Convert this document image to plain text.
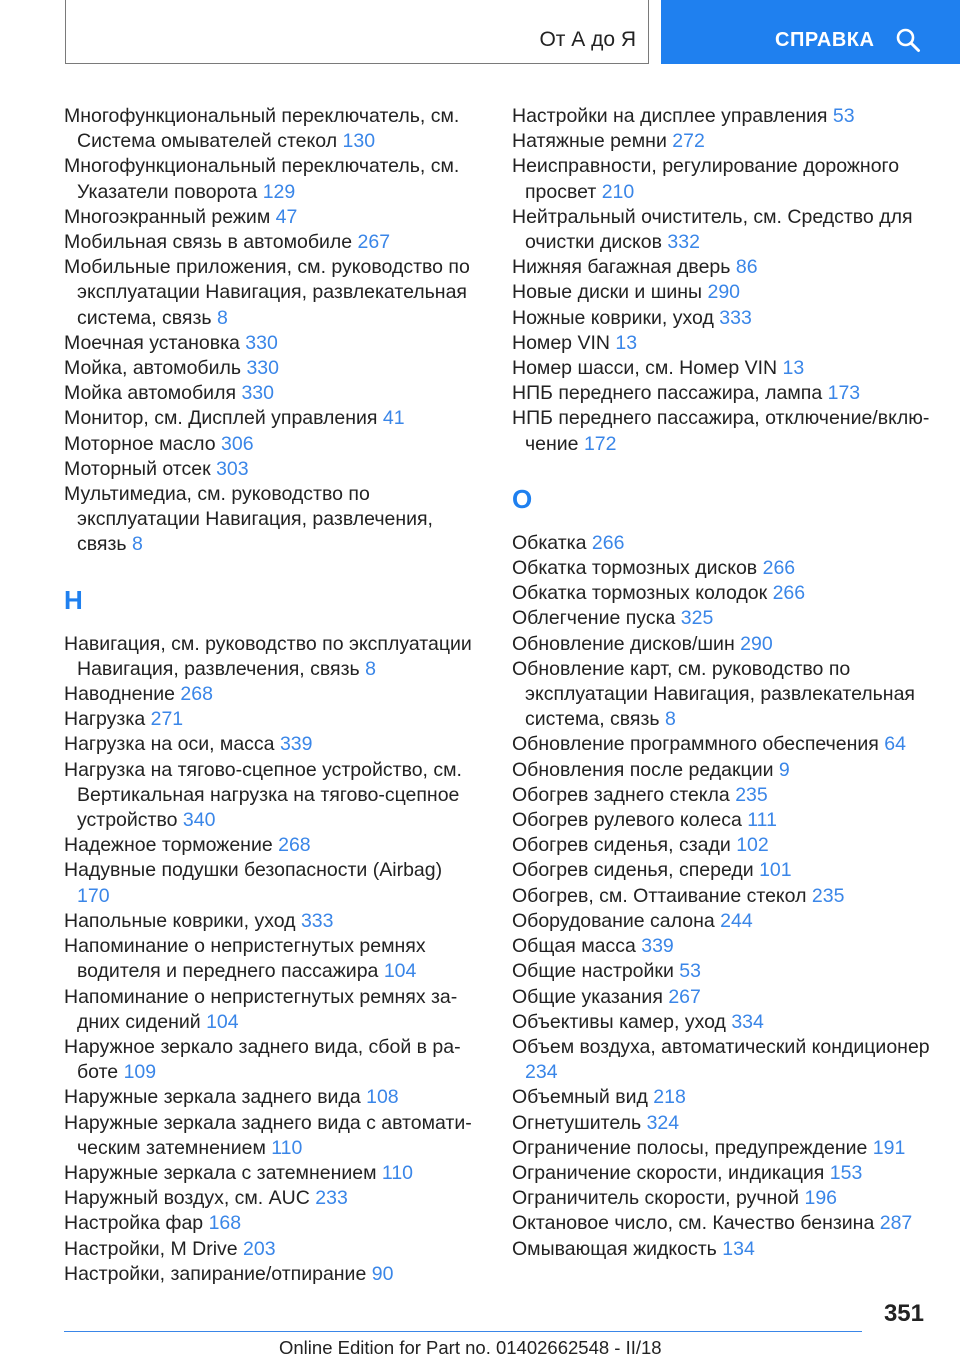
От А до Я	СПРАВКА
Многофункциональный переключатель, см. Система омывателей стекол 130
Многофункциональный переключатель, см. Указатели поворота 129
Многоэкранный режим 47
Мобильная связь в автомобиле 267
Мобильные приложения, см. руководство по эксплуатации Навигация, развлекательная система, связь 8
Моечная установка 330
Мойка, автомобиль 330
Мойка автомобиля 330
Монитор, см. Дисплей управления 41
Моторное масло 306
Моторный отсек 303
Мультимедиа, см. руководство по эксплуатации Навигация, развлечения, связь 8
Н
Навигация, см. руководство по эксплуатации Навигация, развлечения, связь 8
Наводнение 268
Нагрузка 271
Нагрузка на оси, масса 339
Нагрузка на тягово-сцепное устройство, см. Вертикальная нагрузка на тягово-сцепное устройство 340
Надежное торможение 268
Надувные подушки безопасности (Airbag) 170
Напольные коврики, уход 333
Напоминание о непристегнутых ремнях водителя и переднего пассажира 104
Напоминание о непристегнутых ремнях задних сидений 104
Наружное зеркало заднего вида, сбой в работе 109
Наружные зеркала заднего вида 108
Наружные зеркала заднего вида с автоматическим затемнением 110
Наружные зеркала с затемнением 110
Наружный воздух, см. AUC 233
Настройка фар 168
Настройки, M Drive 203
Настройки, запирание/отпирание 90
Настройки на дисплее управления 53
Натяжные ремни 272
Неисправности, регулирование дорожного просвет 210
Нейтральный очиститель, см. Средство для очистки дисков 332
Нижняя багажная дверь 86
Новые диски и шины 290
Ножные коврики, уход 333
Номер VIN 13
Номер шасси, см. Номер VIN 13
НПБ переднего пассажира, лампа 173
НПБ переднего пассажира, отключение/включение 172
О
Обкатка 266
Обкатка тормозных дисков 266
Обкатка тормозных колодок 266
Облегчение пуска 325
Обновление дисков/шин 290
Обновление карт, см. руководство по эксплуатации Навигация, развлекательная система, связь 8
Обновление программного обеспечения 64
Обновления после редакции 9
Обогрев заднего стекла 235
Обогрев рулевого колеса 111
Обогрев сиденья, сзади 102
Обогрев сиденья, спереди 101
Обогрев, см. Оттаивание стекол 235
Оборудование салона 244
Общая масса 339
Общие настройки 53
Общие указания 267
Объективы камер, уход 334
Объем воздуха, автоматический кондиционер 234
Объемный вид 218
Огнетушитель 324
Ограничение полосы, предупреждение 191
Ограничение скорости, индикация 153
Ограничитель скорости, ручной 196
Октановое число, см. Качество бензина 287
Омывающая жидкость 134
351
Online Edition for Part no. 01402662548 - II/18
